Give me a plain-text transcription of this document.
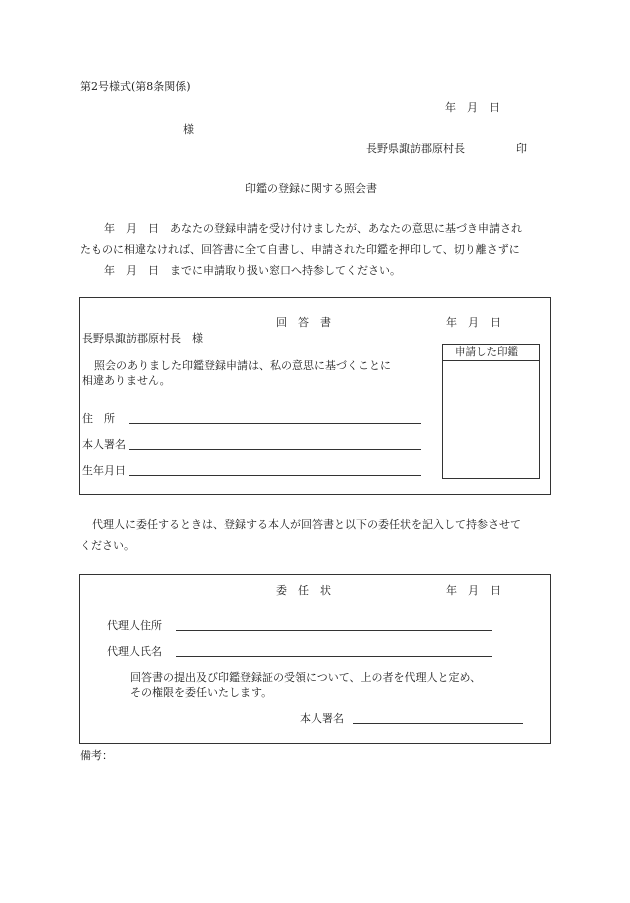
第2号様式(第8条関係)
年　月　日
様
長野県諏訪郡原村長	印
印鑑の登録に関する照会書
年　月　日　あなたの登録申請を受け付けましたが、あなたの意思に基づき申請され
たものに相違なければ、回答書に全て自書し、申請された印鑑を押印して、切り離さずに
年　月　日　までに申請取り扱い窓口へ持参してください。
回　答　書	年　月　日
長野県諏訪郡原村長　様
申請した印鑑
照会のありました印鑑登録申請は、私の意思に基づくことに
相違ありません。
住　所
本人署名
生年月日
代理人に委任するときは、登録する本人が回答書と以下の委任状を記入して持参させて
ください。
委　任　状	年　月　日
代理人住所
代理人氏名
回答書の提出及び印鑑登録証の受領について、上の者を代理人と定め、
その権限を委任いたします。
本人署名
備考：
